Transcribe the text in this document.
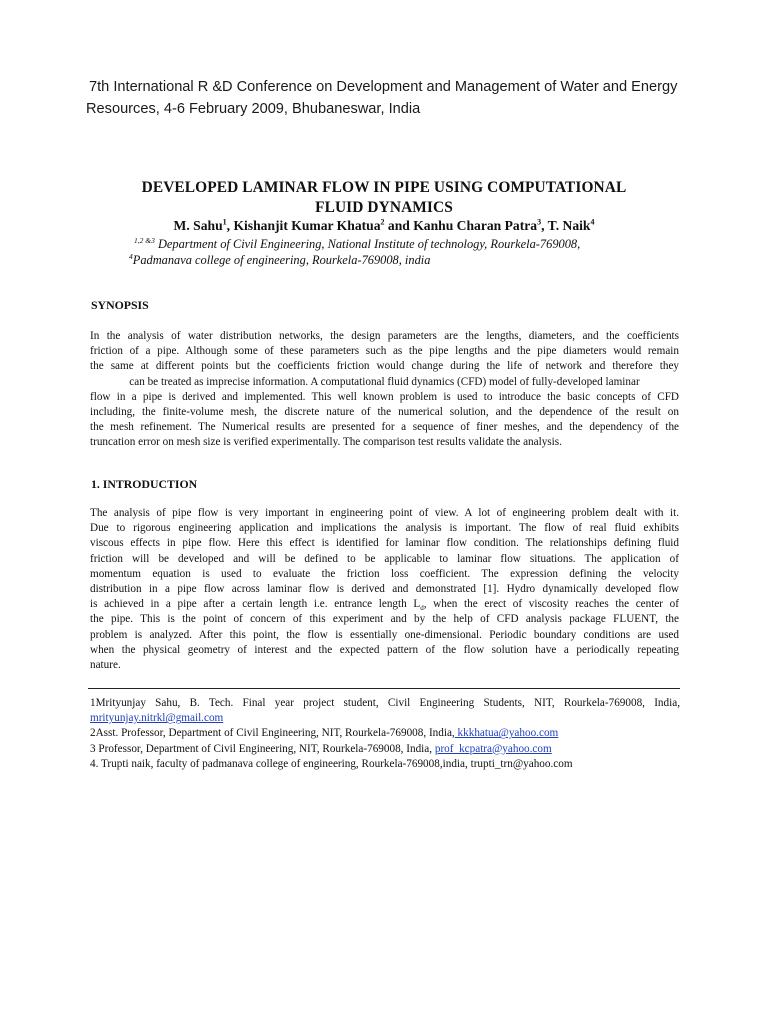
7th International R &D Conference on Development and Management of Water and Energy
Resources, 4-6 February 2009, Bhubaneswar, India
DEVELOPED LAMINAR FLOW IN PIPE USING COMPUTATIONAL
FLUID DYNAMICS
M. Sahu$^1$, Kishanjit Kumar Khatua$^2$ and Kanhu Charan Patra$^3$, T. Naik$^4$
$^{1,2 \&3}$ Department of Civil Engineering, National Institute of technology, Rourkela-769008,
$^4$Padmanava college of engineering, Rourkela-769008, india
SYNOPSIS
In the analysis of water distribution networks, the design parameters are the lengths, diameters, and the coefficients
friction of a pipe. Although some of these parameters such as the pipe lengths and the pipe diameters would remain
the same at different points but the coefficients friction would change during the life of network and therefore they
can be treated as imprecise information. A computational fluid dynamics (CFD) model of fully-developed laminar
flow in a pipe is derived and implemented. This well known problem is used to introduce the basic concepts of CFD
including, the finite-volume mesh, the discrete nature of the numerical solution, and the dependence of the result on
the mesh refinement. The Numerical results are presented for a sequence of finer meshes, and the dependency of the
truncation error on mesh size is verified experimentally. The comparison test results validate the analysis.
1. INTRODUCTION
The analysis of pipe flow is very important in engineering point of view. A lot of engineering problem dealt with it.
Due to rigorous engineering application and implications the analysis is important. The flow of real fluid exhibits
viscous effects in pipe flow. Here this effect is identified for laminar flow condition. The relationships defining fluid
friction will be developed and will be defined to be applicable to laminar flow situations. The application of
momentum equation is used to evaluate the friction loss coefficient. The expression defining the velocity
distribution in a pipe flow across laminar flow is derived and demonstrated [1]. Hydro dynamically developed flow
is achieved in a pipe after a certain length i.e. entrance length $L_d$, when the erect of viscosity reaches the center of
the pipe. This is the point of concern of this experiment and by the help of CFD analysis package FLUENT, the
problem is analyzed. After this point, the flow is essentially one-dimensional. Periodic boundary conditions are used
when the physical geometry of interest and the expected pattern of the flow solution have a periodically repeating
nature.
1Mrityunjay Sahu, B. Tech. Final year project student, Civil Engineering Students, NIT, Rourkela-769008, India,
mrityunjay.nitrkl@gmail.com
2Asst. Professor, Department of Civil Engineering, NIT, Rourkela-769008, India, kkkhatua@yahoo.com
3 Professor, Department of Civil Engineering, NIT, Rourkela-769008, India, prof_kcpatra@yahoo.com
4. Trupti naik, faculty of padmanava college of engineering, Rourkela-769008,india, trupti_trn@yahoo.com
